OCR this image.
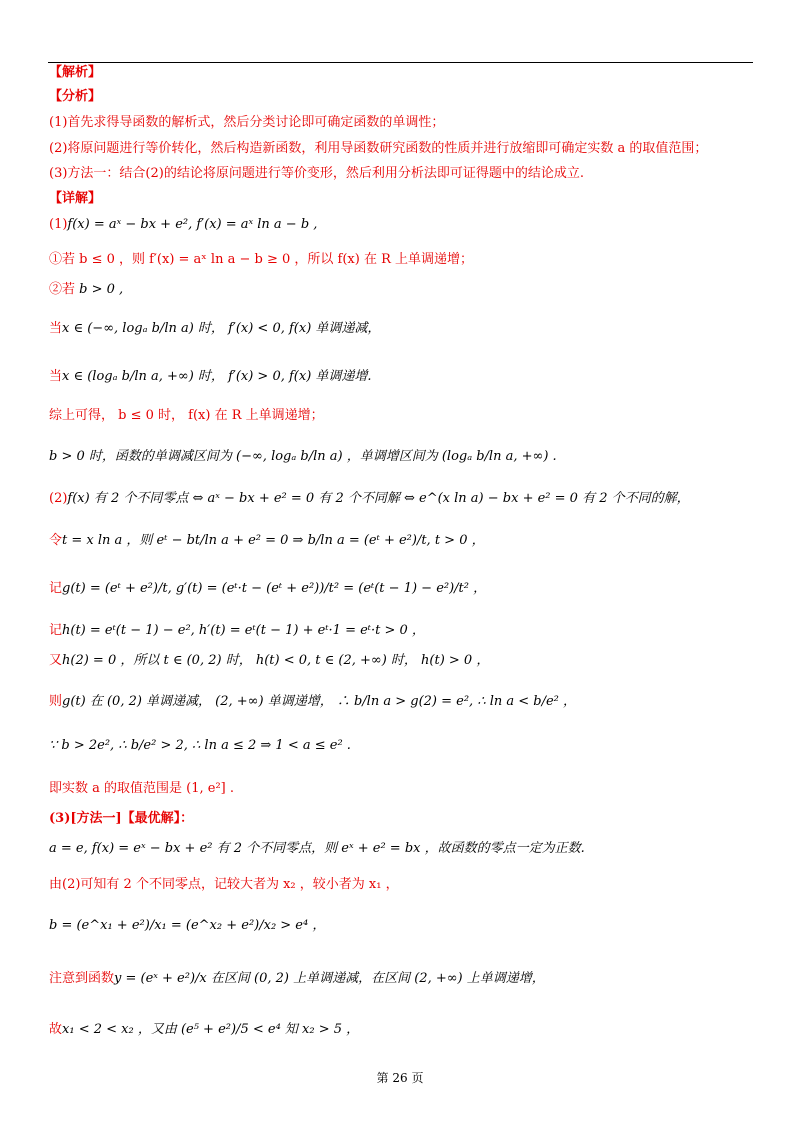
【解析】
【分析】
(1)首先求得导函数的解析式，然后分类讨论即可确定函数的单调性；
(2)将原问题进行等价转化，然后构造新函数，利用导函数研究函数的性质并进行放缩即可确定实数 a 的取值范围；
(3)方法一：结合(2)的结论将原问题进行等价变形，然后利用分析法即可证得题中的结论成立.
【详解】
(1)f(x) = aˣ − bx + e², f′(x) = aˣ ln a − b ,
①若 b ≤ 0 ，则 f′(x) = aˣ ln a − b ≥ 0 ，所以 f(x) 在 R 上单调递增；
②若 b > 0 ,
当x ∈ (−∞, logₐ b/ln a) 时， f′(x) < 0, f(x) 单调递减，
当x ∈ (logₐ b/ln a, +∞) 时， f′(x) > 0, f(x) 单调递增.
综上可得， b ≤ 0 时， f(x) 在 R 上单调递增；
b > 0 时，函数的单调减区间为 (−∞, logₐ b/ln a) ，单调增区间为 (logₐ b/ln a, +∞) .
(2)f(x) 有 2 个不同零点 ⇔ aˣ − bx + e² = 0 有 2 个不同解 ⇔ e^(x ln a) − bx + e² = 0 有 2 个不同的解，
令t = x ln a ，则 eᵗ − bt/ln a + e² = 0 ⇒ b/ln a = (eᵗ + e²)/t, t > 0 ，
记g(t) = (eᵗ + e²)/t, g′(t) = (eᵗ·t − (eᵗ + e²))/t² = (eᵗ(t − 1) − e²)/t² ，
记h(t) = eᵗ(t − 1) − e², h′(t) = eᵗ(t − 1) + eᵗ·1 = eᵗ·t > 0 ，
又h(2) = 0 ，所以 t ∈ (0, 2) 时， h(t) < 0, t ∈ (2, +∞) 时， h(t) > 0 ，
则g(t) 在 (0, 2) 单调递减， (2, +∞) 单调递增， ∴ b/ln a > g(2) = e², ∴ ln a < b/e² ，
∵ b > 2e², ∴ b/e² > 2, ∴ ln a ≤ 2 ⇒ 1 < a ≤ e² .
即实数 a 的取值范围是 (1, e²] .
(3)[方法一]【最优解】：
a = e, f(x) = eˣ − bx + e² 有 2 个不同零点，则 eˣ + e² = bx ，故函数的零点一定为正数.
由(2)可知有 2 个不同零点，记较大者为 x₂ ，较小者为 x₁ ，
b = (e^x₁ + e²)/x₁ = (e^x₂ + e²)/x₂ > e⁴ ，
注意到函数y = (eˣ + e²)/x 在区间 (0, 2) 上单调递减，在区间 (2, +∞) 上单调递增，
故x₁ < 2 < x₂ ，又由 (e⁵ + e²)/5 < e⁴ 知 x₂ > 5 ，
第 26 页
